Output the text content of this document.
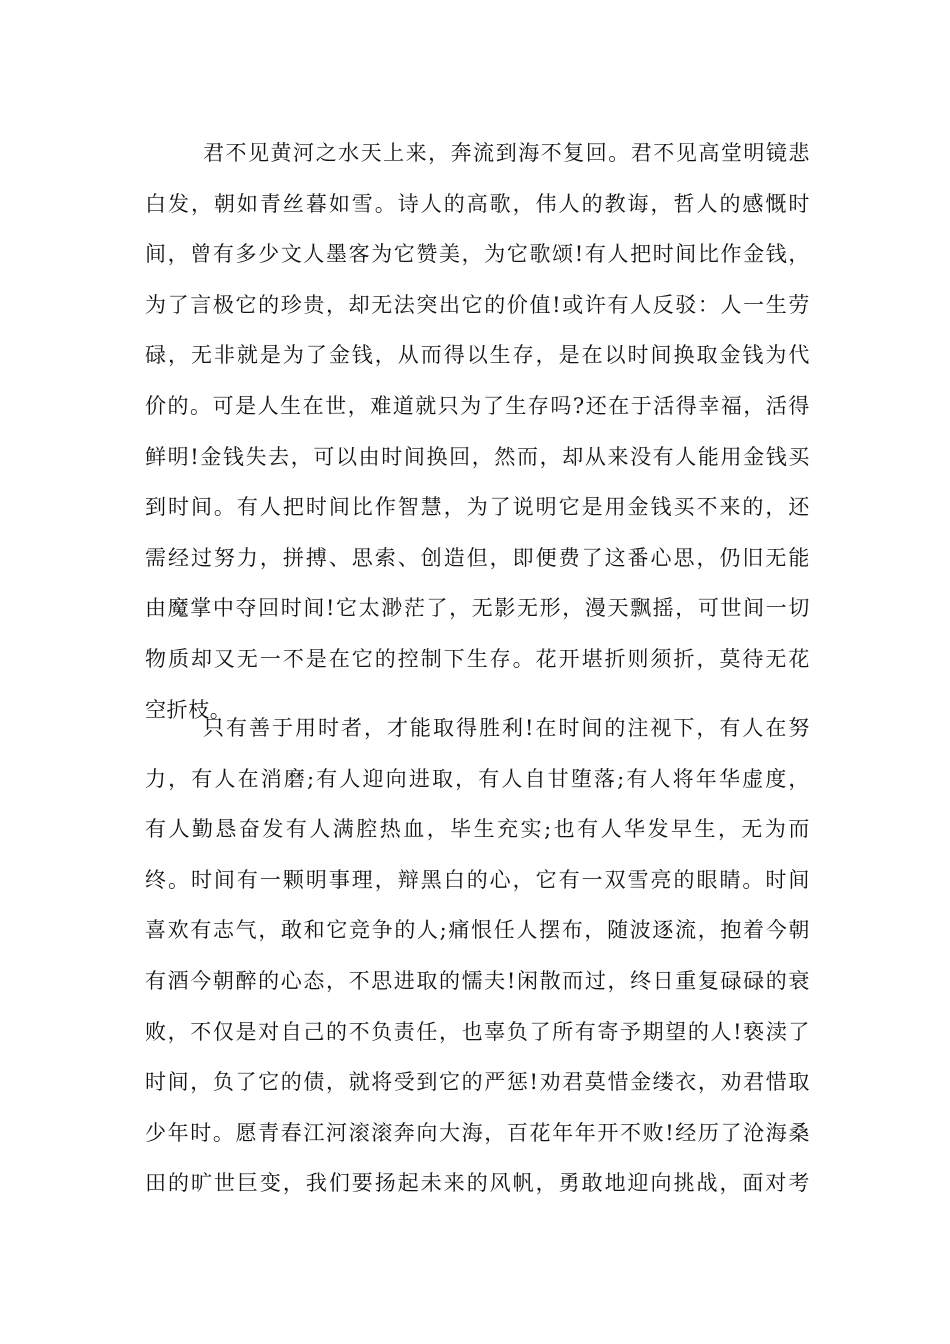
君不见黄河之水天上来，奔流到海不复回。君不见高堂明镜悲
白发，朝如青丝暮如雪。诗人的高歌，伟人的教诲，哲人的感慨时
间，曾有多少文人墨客为它赞美，为它歌颂!有人把时间比作金钱，
为了言极它的珍贵，却无法突出它的价值!或许有人反驳：人一生劳
碌，无非就是为了金钱，从而得以生存，是在以时间换取金钱为代
价的。可是人生在世，难道就只为了生存吗?还在于活得幸福，活得
鲜明!金钱失去，可以由时间换回，然而，却从来没有人能用金钱买
到时间。有人把时间比作智慧，为了说明它是用金钱买不来的，还
需经过努力，拼搏、思索、创造但，即便费了这番心思，仍旧无能
由魔掌中夺回时间!它太渺茫了，无影无形，漫天飘摇，可世间一切
物质却又无一不是在它的控制下生存。花开堪折则须折，莫待无花
空折枝。
只有善于用时者，才能取得胜利!在时间的注视下，有人在努
力，有人在消磨;有人迎向进取，有人自甘堕落;有人将年华虚度，
有人勤恳奋发有人满腔热血，毕生充实;也有人华发早生，无为而
终。时间有一颗明事理，辩黑白的心，它有一双雪亮的眼睛。时间
喜欢有志气，敢和它竞争的人;痛恨任人摆布，随波逐流，抱着今朝
有酒今朝醉的心态，不思进取的懦夫!闲散而过，终日重复碌碌的衰
败，不仅是对自己的不负责任，也辜负了所有寄予期望的人!亵渎了
时间，负了它的债，就将受到它的严惩!劝君莫惜金缕衣，劝君惜取
少年时。愿青春江河滚滚奔向大海，百花年年开不败!经历了沧海桑
田的旷世巨变，我们要扬起未来的风帆，勇敢地迎向挑战，面对考
